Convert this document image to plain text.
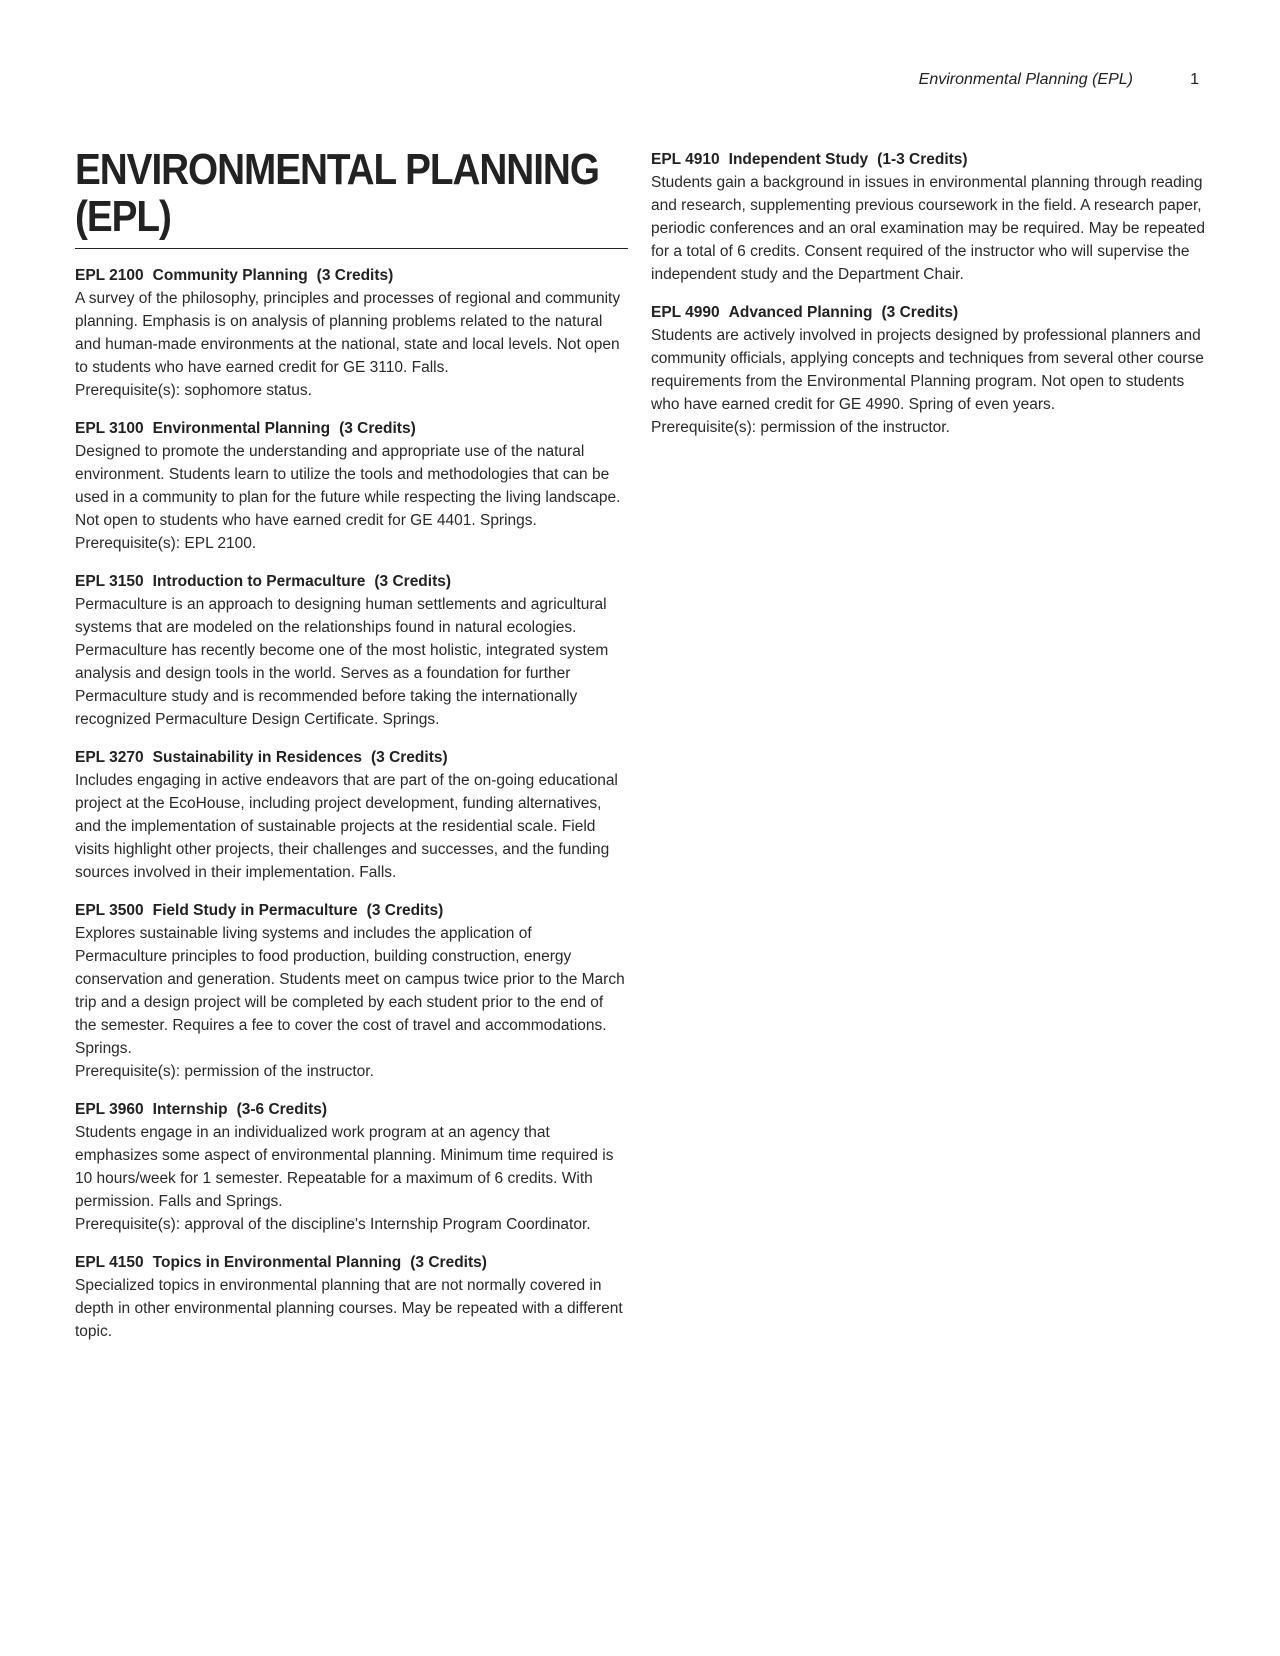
Environmental Planning (EPL)	1
ENVIRONMENTAL PLANNING (EPL)
EPL 2100 Community Planning (3 Credits)

A survey of the philosophy, principles and processes of regional and community planning. Emphasis is on analysis of planning problems related to the natural and human-made environments at the national, state and local levels. Not open to students who have earned credit for GE 3110. Falls.

Prerequisite(s): sophomore status.

EPL 3100 Environmental Planning (3 Credits)

Designed to promote the understanding and appropriate use of the natural environment. Students learn to utilize the tools and methodologies that can be used in a community to plan for the future while respecting the living landscape. Not open to students who have earned credit for GE 4401. Springs.

Prerequisite(s): EPL 2100.

EPL 3150 Introduction to Permaculture (3 Credits)

Permaculture is an approach to designing human settlements and agricultural systems that are modeled on the relationships found in natural ecologies. Permaculture has recently become one of the most holistic, integrated system analysis and design tools in the world. Serves as a foundation for further Permaculture study and is recommended before taking the internationally recognized Permaculture Design Certificate. Springs.

EPL 3270 Sustainability in Residences (3 Credits)

Includes engaging in active endeavors that are part of the on-going educational project at the EcoHouse, including project development, funding alternatives, and the implementation of sustainable projects at the residential scale. Field visits highlight other projects, their challenges and successes, and the funding sources involved in their implementation. Falls.

EPL 3500 Field Study in Permaculture (3 Credits)

Explores sustainable living systems and includes the application of Permaculture principles to food production, building construction, energy conservation and generation. Students meet on campus twice prior to the March trip and a design project will be completed by each student prior to the end of the semester. Requires a fee to cover the cost of travel and accommodations. Springs.

Prerequisite(s): permission of the instructor.

EPL 3960 Internship (3-6 Credits)

Students engage in an individualized work program at an agency that emphasizes some aspect of environmental planning. Minimum time required is 10 hours/week for 1 semester. Repeatable for a maximum of 6 credits. With permission. Falls and Springs.

Prerequisite(s): approval of the discipline's Internship Program Coordinator.

EPL 4150 Topics in Environmental Planning (3 Credits)

Specialized topics in environmental planning that are not normally covered in depth in other environmental planning courses. May be repeated with a different topic.

EPL 4910 Independent Study (1-3 Credits)

Students gain a background in issues in environmental planning through reading and research, supplementing previous coursework in the field. A research paper, periodic conferences and an oral examination may be required. May be repeated for a total of 6 credits. Consent required of the instructor who will supervise the independent study and the Department Chair.

EPL 4990 Advanced Planning (3 Credits)

Students are actively involved in projects designed by professional planners and community officials, applying concepts and techniques from several other course requirements from the Environmental Planning program. Not open to students who have earned credit for GE 4990. Spring of even years.

Prerequisite(s): permission of the instructor.
